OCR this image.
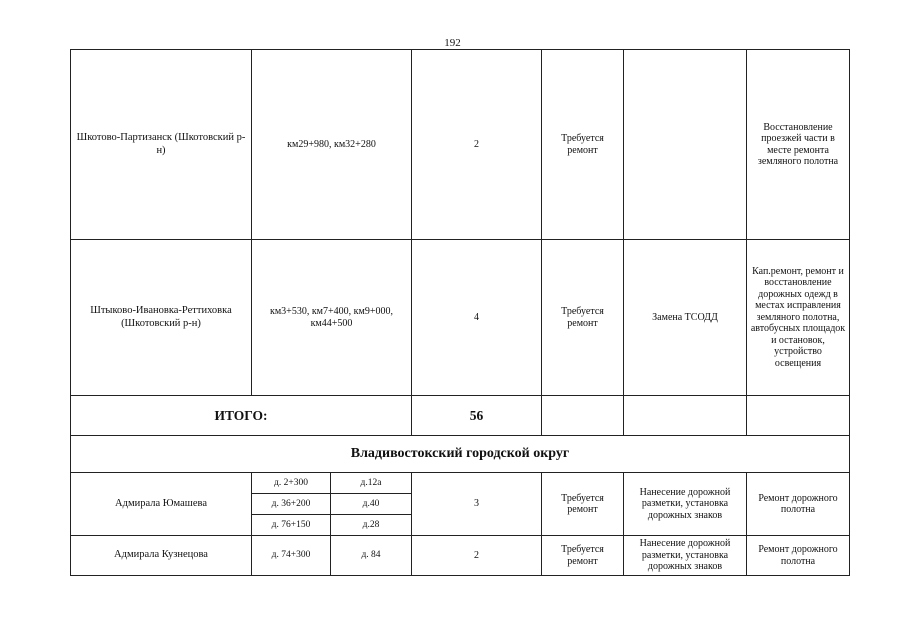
192
Шкотово-Партизанск (Шкотовский р-н)	км29+980, км32+280		2	Требуется ремонт		Восстановление проезжей части в месте ремонта земляного полотна
Штыково-Ивановка-Реттиховка (Шкотовский р-н)	км3+530, км7+400, км9+000, км44+500		4	Требуется ремонт	Замена ТСОДД	Кап.ремонт, ремонт и восстановление дорожных одежд в местах исправления земляного полотна, автобусных площадок и остановок, устройство освещения
ИТОГО:			56			
Владивостокский городской округ						
Адмирала Юмашева	д. 2+300	д.12а	3	Требуется ремонт	Нанесение дорожной разметки, установка дорожных знаков	Ремонт дорожного полотна
	д. 36+200	д.40				
	д. 76+150	д.28				
Адмирала Кузнецова	д. 74+300	д. 84	2	Требуется ремонт	Нанесение дорожной разметки, установка дорожных знаков	Ремонт дорожного полотна
